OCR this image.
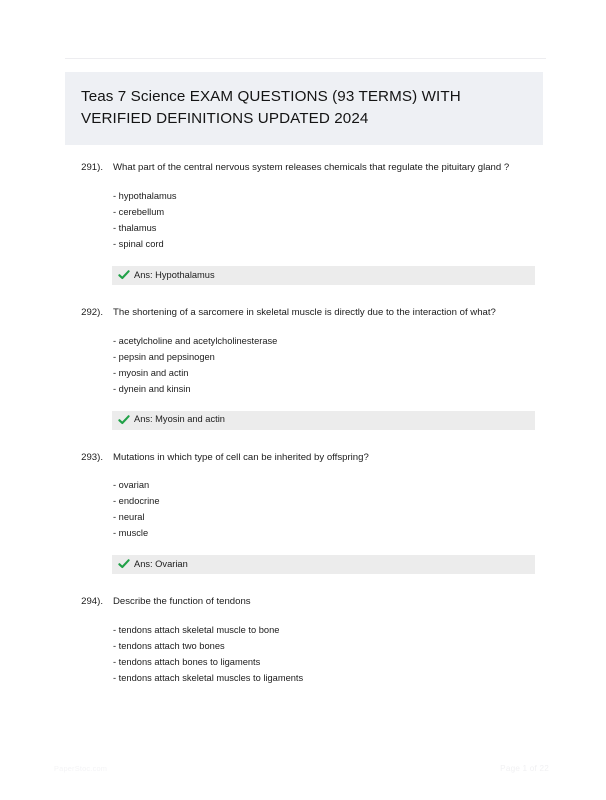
Teas 7 Science EXAM QUESTIONS (93 TERMS) WITH VERIFIED DEFINITIONS UPDATED 2024
291). What part of the central nervous system releases chemicals that regulate the pituitary gland ?
- hypothalamus
- cerebellum
- thalamus
- spinal cord
Ans: Hypothalamus
292). The shortening of a sarcomere in skeletal muscle is directly due to the interaction of what?
- acetylcholine and acetylcholinesterase
- pepsin and pepsinogen
- myosin and actin
- dynein and kinsin
Ans: Myosin and actin
293). Mutations in which type of cell can be inherited by offspring?
- ovarian
- endocrine
- neural
- muscle
Ans: Ovarian
294). Describe the function of tendons
- tendons attach skeletal muscle to bone
- tendons attach two bones
- tendons attach bones to ligaments
- tendons attach skeletal muscles to ligaments
PaperStoc.com	Page 1 of 22
